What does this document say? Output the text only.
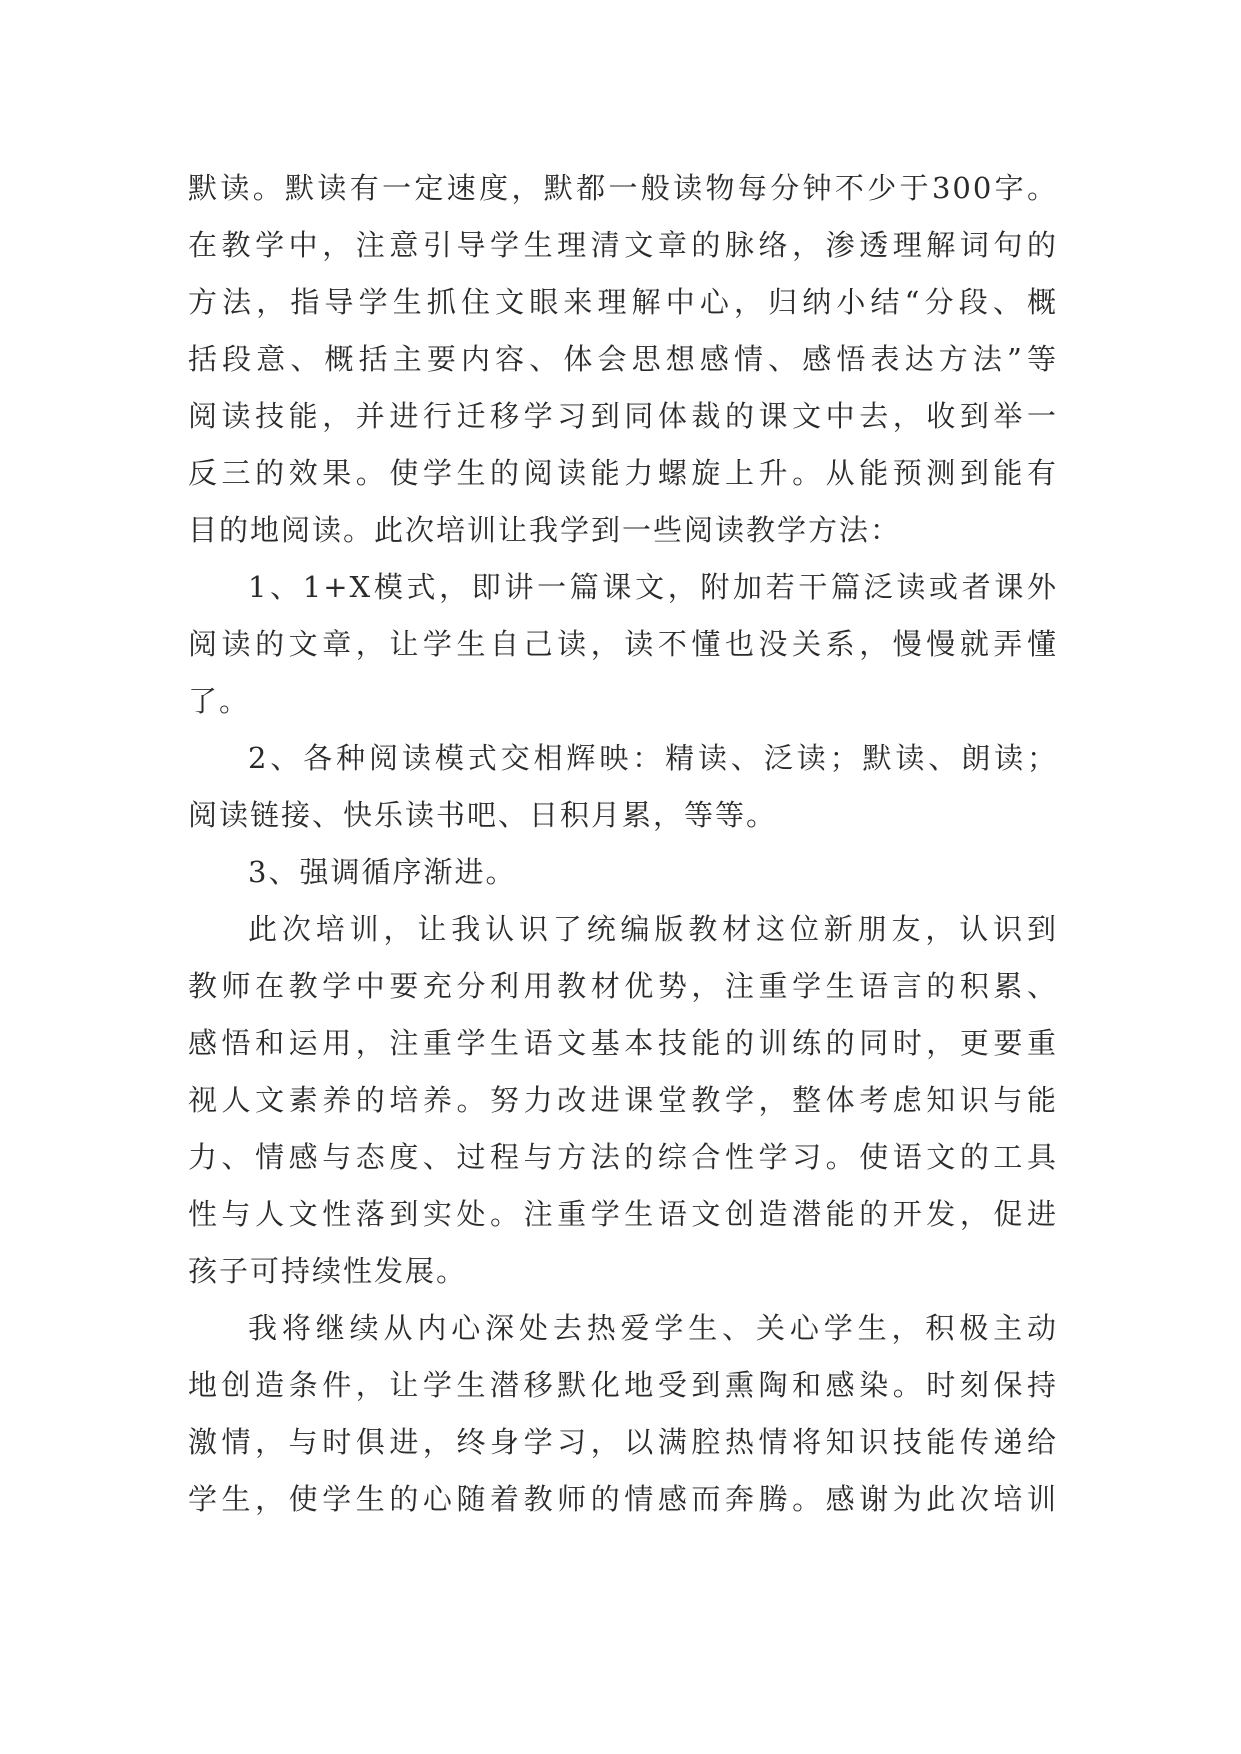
默读。默读有一定速度，默都一般读物每分钟不少于300字。
在教学中，注意引导学生理清文章的脉络，渗透理解词句的
方法，指导学生抓住文眼来理解中心，归纳小结“分段、概
括段意、概括主要内容、体会思想感情、感悟表达方法”等
阅读技能，并进行迁移学习到同体裁的课文中去，收到举一
反三的效果。使学生的阅读能力螺旋上升。从能预测到能有
目的地阅读。此次培训让我学到一些阅读教学方法：
1、1+X模式，即讲一篇课文，附加若干篇泛读或者课外
阅读的文章，让学生自己读，读不懂也没关系，慢慢就弄懂
了。
2、各种阅读模式交相辉映：精读、泛读；默读、朗读；
阅读链接、快乐读书吧、日积月累，等等。
3、强调循序渐进。
此次培训，让我认识了统编版教材这位新朋友，认识到
教师在教学中要充分利用教材优势，注重学生语言的积累、
感悟和运用，注重学生语文基本技能的训练的同时，更要重
视人文素养的培养。努力改进课堂教学，整体考虑知识与能
力、情感与态度、过程与方法的综合性学习。使语文的工具
性与人文性落到实处。注重学生语文创造潜能的开发，促进
孩子可持续性发展。
我将继续从内心深处去热爱学生、关心学生，积极主动
地创造条件，让学生潜移默化地受到熏陶和感染。时刻保持
激情，与时俱进，终身学习，以满腔热情将知识技能传递给
学生，使学生的心随着教师的情感而奔腾。感谢为此次培训
